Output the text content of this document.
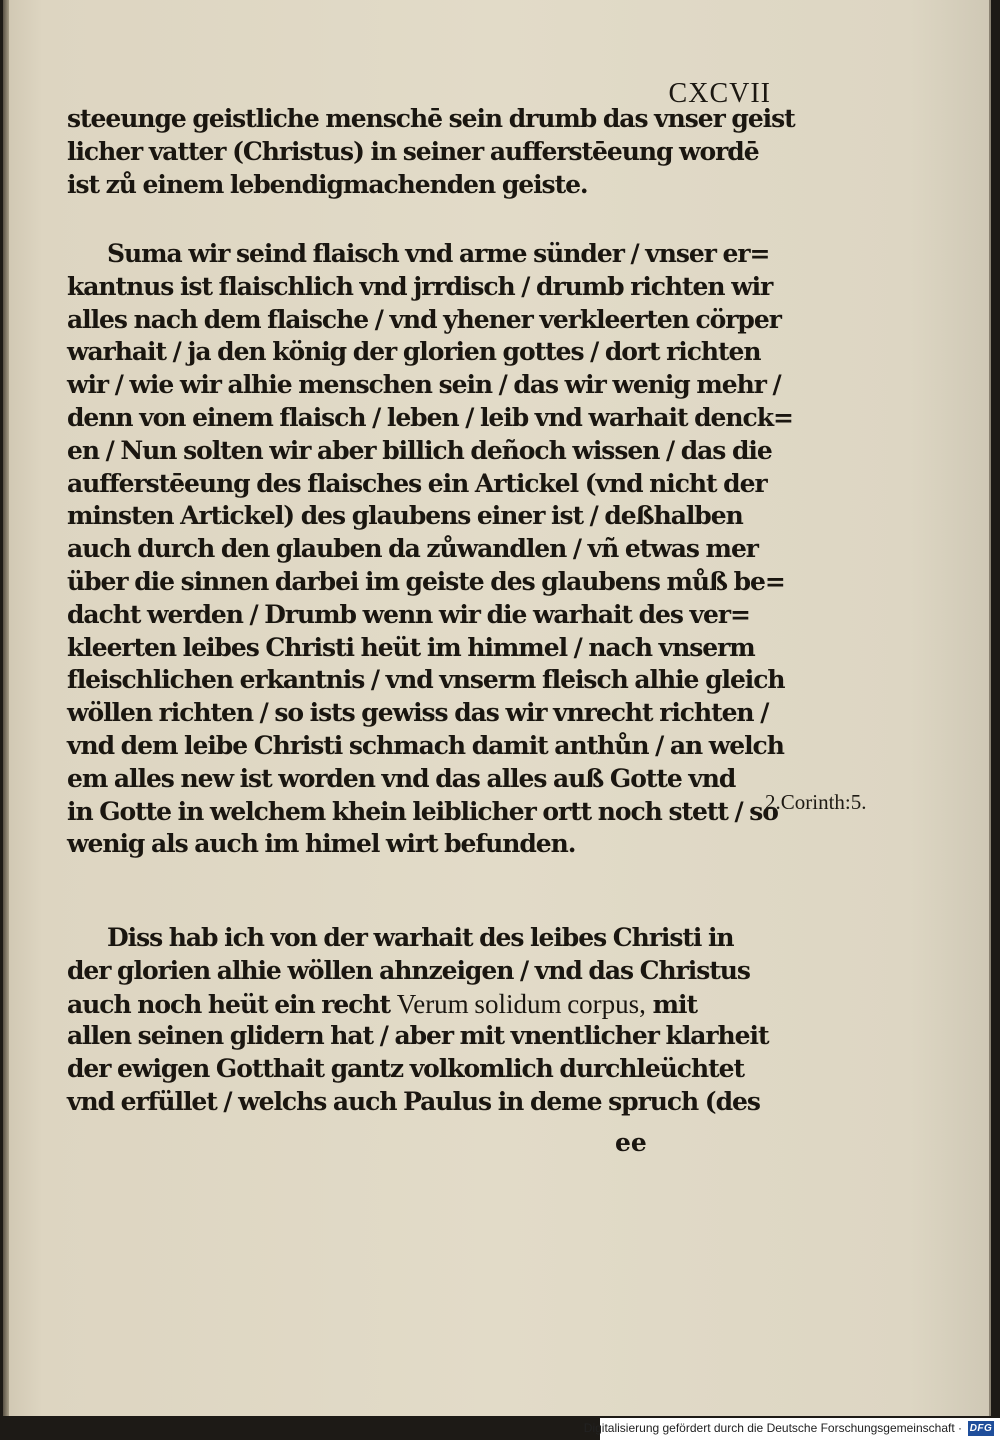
CXCVII
steeunge geistliche menschē sein drumb das vnser geist
licher vatter (Christus) in seiner aufferstēeung wordē
ist zů einem lebendigmachenden geiste.
Suma wir seind flaisch vnd arme sünder / vnser er=
kantnus ist flaischlich vnd jrrdisch / drumb richten wir
alles nach dem flaische / vnd yhener verkleerten cörper
warhait / ja den könig der glorien gottes / dort richten
wir / wie wir alhie menschen sein / das wir wenig mehr /
denn von einem flaisch / leben / leib vnd warhait denck=
en / Nun solten wir aber billich deñoch wissen / das die
aufferstēeung des flaisches ein Artickel (vnd nicht der
minsten Artickel) des glaubens einer ist / deßhalben
auch durch den glauben da zůwandlen / vñ etwas mer
über die sinnen darbei im geiste des glaubens můß be=
dacht werden / Drumb wenn wir die warhait des ver=
kleerten leibes Christi heüt im himmel / nach vnserm
fleischlichen erkantnis / vnd vnserm fleisch alhie gleich
wöllen richten / so ists gewiss das wir vnrecht richten /
vnd dem leibe Christi schmach damit anthůn / an welch
em alles new ist worden vnd das alles auß Gotte vnd
in Gotte in welchem khein leiblicher ortt noch stett / so
wenig als auch im himel wirt befunden.
2.Corinth:5.
Diss hab ich von der warhait des leibes Christi in
der glorien alhie wöllen ahnzeigen / vnd das Christus
auch noch heüt ein recht Verum solidum corpus, mit
allen seinen glidern hat / aber mit vnentlicher klarheit
der ewigen Gotthait gantz volkomlich durchleüchtet
vnd erfüllet / welchs auch Paulus in deme spruch (des
ee
Digitalisierung gefördert durch die Deutsche Forschungsgemeinschaft · DFG
